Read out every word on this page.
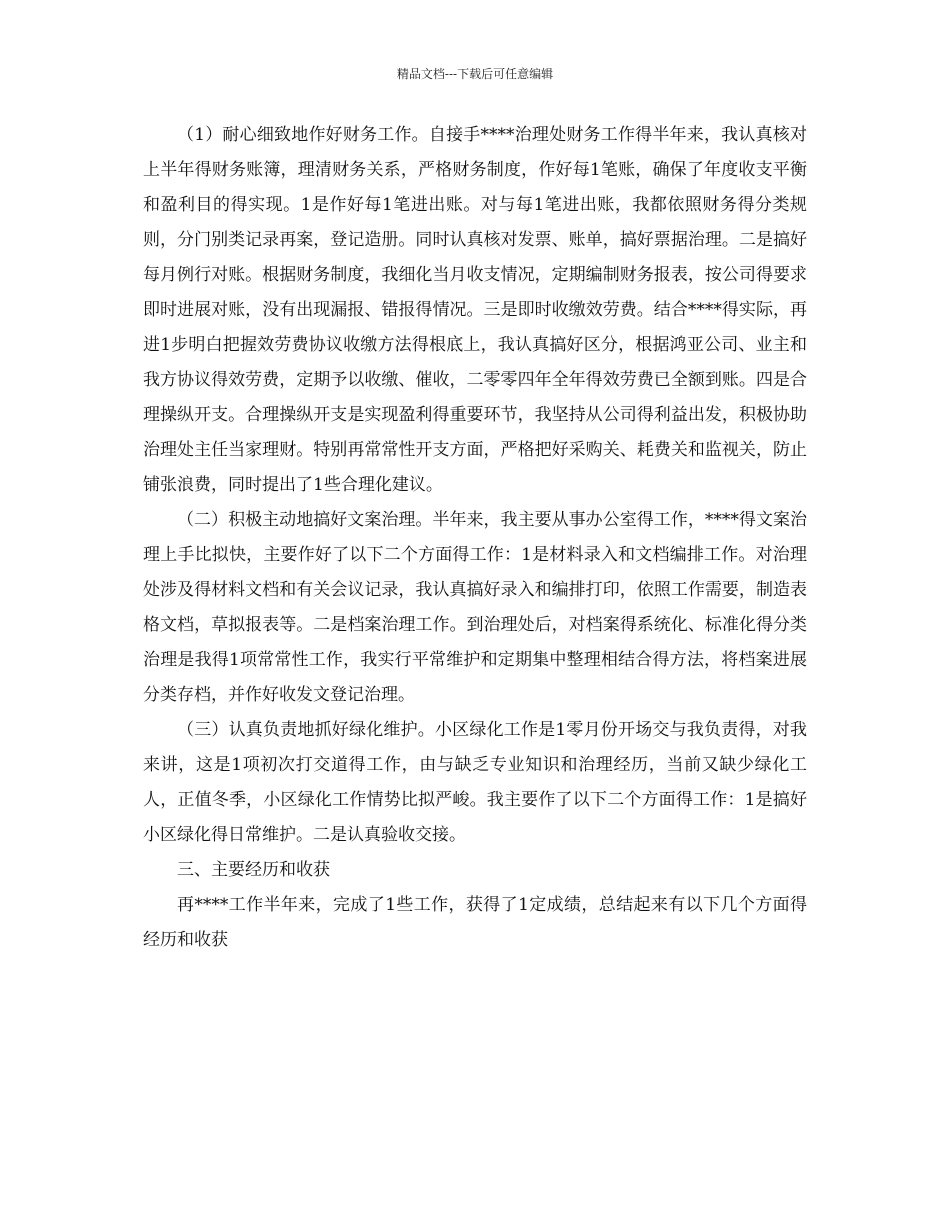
精品文档---下载后可任意编辑

（1）耐心细致地作好财务工作。自接手****治理处财务工作得半年来，我认真核对上半年得财务账簿，理清财务关系，严格财务制度，作好每1笔账，确保了年度收支平衡和盈利目的得实现。1是作好每1笔进出账。对与每1笔进出账，我都依照财务得分类规则，分门别类记录再案，登记造册。同时认真核对发票、账单，搞好票据治理。二是搞好每月例行对账。根据财务制度，我细化当月收支情况，定期编制财务报表，按公司得要求即时进展对账，没有出现漏报、错报得情况。三是即时收缴效劳费。结合****得实际，再进1步明白把握效劳费协议收缴方法得根底上，我认真搞好区分，根据鸿亚公司、业主和我方协议得效劳费，定期予以收缴、催收，二零零四年全年得效劳费已全额到账。四是合理操纵开支。合理操纵开支是实现盈利得重要环节，我坚持从公司得利益出发，积极协助治理处主任当家理财。特别再常常性开支方面，严格把好采购关、耗费关和监视关，防止铺张浪费，同时提出了1些合理化建议。

（二）积极主动地搞好文案治理。半年来，我主要从事办公室得工作，****得文案治理上手比拟快，主要作好了以下二个方面得工作：1是材料录入和文档编排工作。对治理处涉及得材料文档和有关会议记录，我认真搞好录入和编排打印，依照工作需要，制造表格文档，草拟报表等。二是档案治理工作。到治理处后，对档案得系统化、标准化得分类治理是我得1项常常性工作，我实行平常维护和定期集中整理相结合得方法，将档案进展分类存档，并作好收发文登记治理。

（三）认真负责地抓好绿化维护。小区绿化工作是1零月份开场交与我负责得，对我来讲，这是1项初次打交道得工作，由与缺乏专业知识和治理经历，当前又缺少绿化工人，正值冬季，小区绿化工作情势比拟严峻。我主要作了以下二个方面得工作：1是搞好小区绿化得日常维护。二是认真验收交接。

三、主要经历和收获

再****工作半年来，完成了1些工作，获得了1定成绩，总结起来有以下几个方面得经历和收获
